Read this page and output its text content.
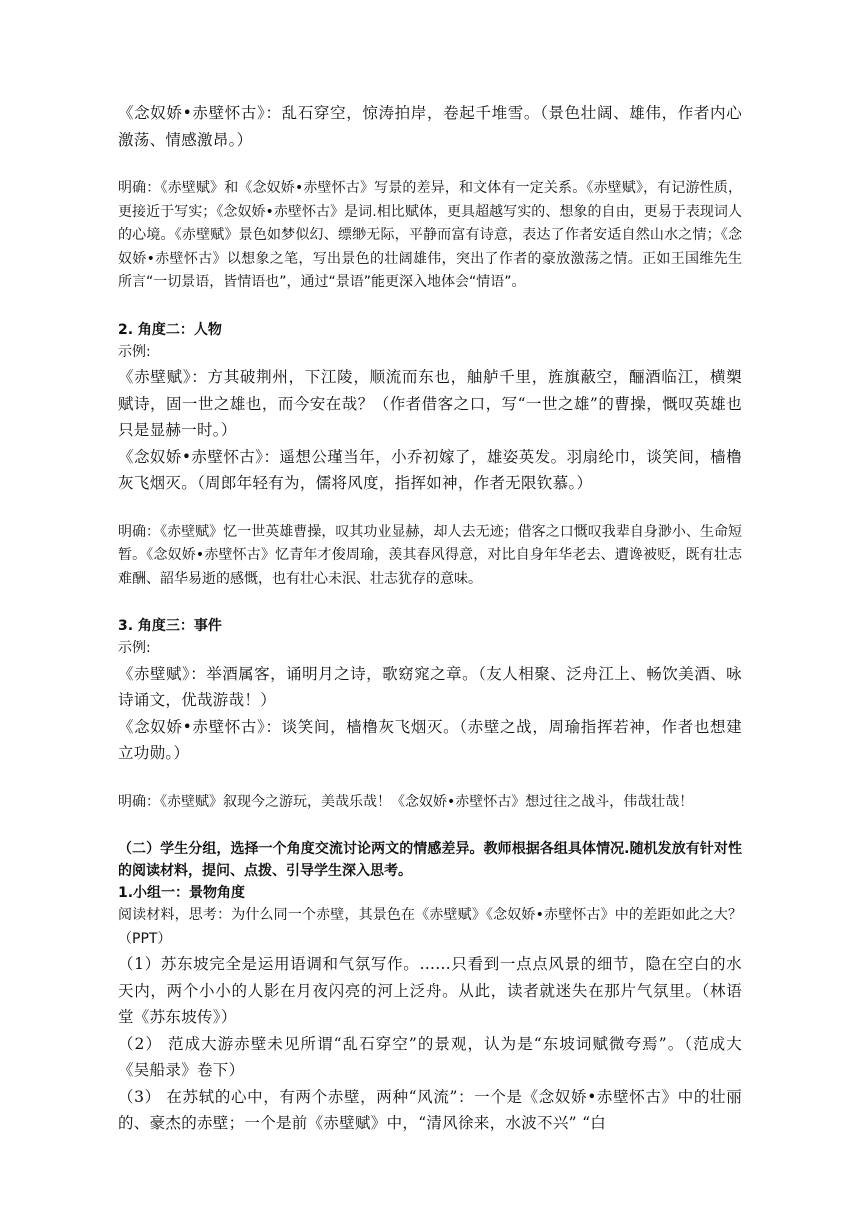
《念奴娇•赤壁怀古》：乱石穿空，惊涛拍岸，卷起千堆雪。（景色壮阔、雄伟，作者内心激荡、情感激昂。）

明确：《赤壁赋》和《念奴娇•赤壁怀古》写景的差异，和文体有一定关系。《赤壁赋》，有记游性质，更接近于写实；《念奴娇•赤壁怀古》是词.相比赋体，更具超越写实的、想象的自由，更易于表现词人的心境。《赤壁赋》景色如梦似幻、缥缈无际，平静而富有诗意，表达了作者安适自然山水之情；《念奴娇•赤壁怀古》以想象之笔，写出景色的壮阔雄伟，突出了作者的豪放激荡之情。正如王国维先生所言“一切景语，皆情语也”，通过“景语”能更深入地体会“情语”。

2. 角度二：人物

示例:

《赤壁赋》：方其破荆州，下江陵，顺流而东也，舳舻千里，旌旗蔽空，酾酒临江，横槊赋诗，固一世之雄也，而今安在哉？（作者借客之口，写“一世之雄”的曹操，慨叹英雄也只是显赫一时。）

《念奴娇•赤壁怀古》：遥想公瑾当年，小乔初嫁了，雄姿英发。羽扇纶巾，谈笑间，樯橹灰飞烟灭。（周郎年轻有为，儒将风度，指挥如神，作者无限钦慕。）

明确：《赤壁赋》忆一世英雄曹操，叹其功业显赫，却人去无迹；借客之口慨叹我辈自身渺小、生命短暂。《念奴娇•赤壁怀古》忆青年才俊周瑜，羡其春风得意，对比自身年华老去、遭谗被贬，既有壮志难酬、韶华易逝的感慨，也有壮心未泯、壮志犹存的意味。

3. 角度三：事件

示例:

《赤壁赋》：举酒属客，诵明月之诗，歌窈窕之章。（友人相聚、泛舟江上、畅饮美酒、咏诗诵文，优哉游哉！）

《念奴娇•赤壁怀古》：谈笑间，樯橹灰飞烟灭。（赤壁之战，周瑜指挥若神，作者也想建立功勋。）

明确：《赤壁赋》叙现今之游玩，美哉乐哉！《念奴娇•赤壁怀古》想过往之战斗，伟哉壮哉！

（二）学生分组，选择一个角度交流讨论两文的情感差异。教师根据各组具体情况.随机发放有针对性的阅读材料，提问、点拨、引导学生深入思考。

1.小组一：景物角度

阅读材料，思考：为什么同一个赤壁，其景色在《赤壁赋》《念奴娇•赤壁怀古》中的差距如此之大？（PPT）

（1）苏东坡完全是运用语调和气氛写作。……只看到一点点风景的细节，隐在空白的水天内，两个小小的人影在月夜闪亮的河上泛舟。从此，读者就迷失在那片气氛里。（林语堂《苏东坡传》）

（2） 范成大游赤壁未见所谓“乱石穿空”的景观，认为是“东坡词赋微夸焉”。（范成大《吴船录》卷下）

（3） 在苏轼的心中，有两个赤壁，两种“风流”：一个是《念奴娇•赤壁怀古》中的壮丽的、豪杰的赤壁；一个是前《赤壁赋》中，“清风徐来，水波不兴” “白
